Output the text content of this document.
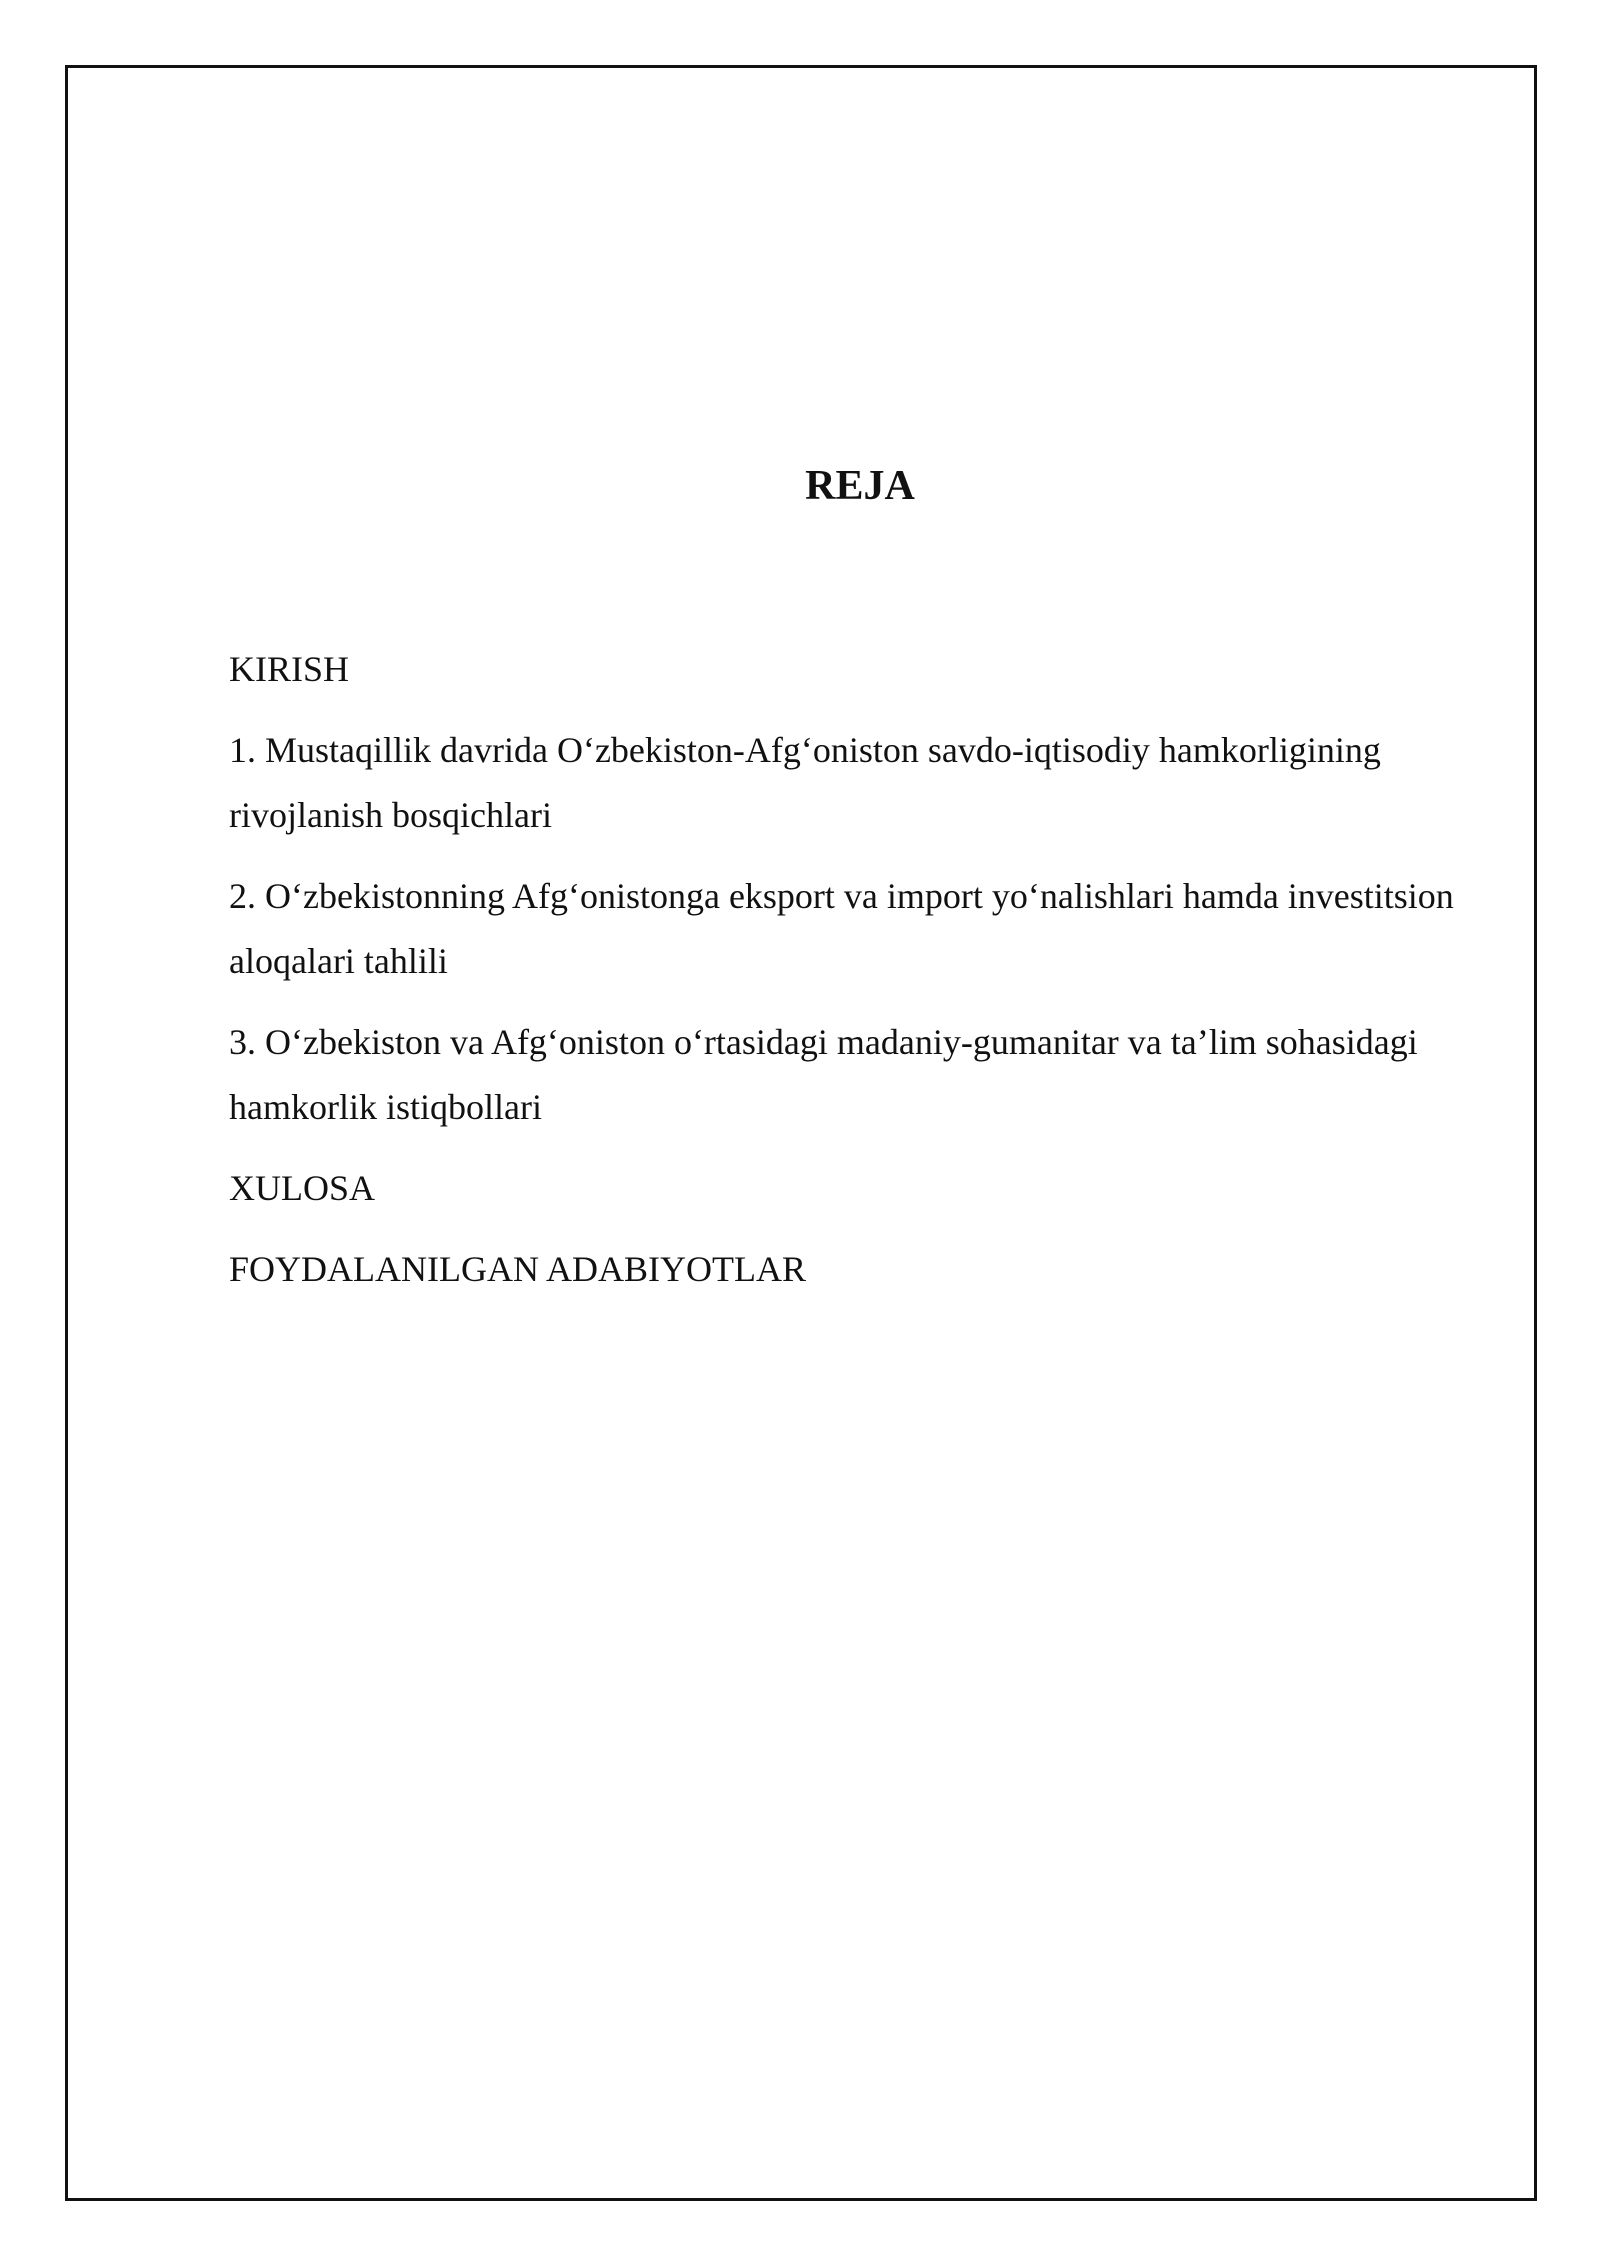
REJA
KIRISH
1. Mustaqillik davrida O‘zbekiston-Afg‘oniston savdo-iqtisodiy hamkorligining rivojlanish bosqichlari
2. O‘zbekistonning Afg‘onistonga eksport va import yo‘nalishlari hamda investitsion aloqalari tahlili
3. O‘zbekiston va Afg‘oniston o‘rtasidagi madaniy-gumanitar va ta’lim sohasidagi hamkorlik istiqbollari
XULOSA
FOYDALANILGAN ADABIYOTLAR
